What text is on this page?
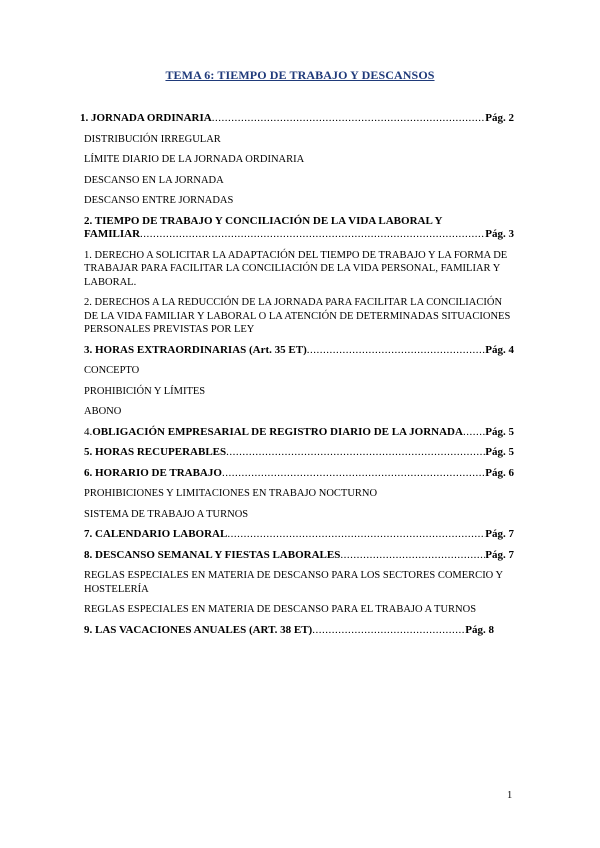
TEMA 6: TIEMPO DE TRABAJO Y DESCANSOS
1. JORNADA ORDINARIA .....	Pág. 2
DISTRIBUCIÓN IRREGULAR
LÍMITE DIARIO DE LA JORNADA ORDINARIA
DESCANSO EN LA JORNADA
DESCANSO ENTRE JORNADAS
2. TIEMPO DE TRABAJO Y CONCILIACIÓN DE LA VIDA LABORAL Y
FAMILIAR .....	Pág. 3
1. DERECHO A SOLICITAR LA ADAPTACIÓN DEL TIEMPO DE TRABAJO Y LA FORMA DE TRABAJAR PARA FACILITAR LA CONCILIACIÓN DE LA VIDA PERSONAL, FAMILIAR Y LABORAL.
2. DERECHOS A LA REDUCCIÓN DE LA JORNADA PARA FACILITAR LA CONCILIACIÓN DE LA VIDA FAMILIAR Y LABORAL O LA ATENCIÓN DE DETERMINADAS SITUACIONES PERSONALES PREVISTAS POR LEY
3. HORAS EXTRAORDINARIAS (Art. 35 ET) .....	Pág. 4
CONCEPTO
PROHIBICIÓN Y LÍMITES
ABONO
4. OBLIGACIÓN EMPRESARIAL DE REGISTRO DIARIO DE LA JORNADA ..... Pág. 5
5. HORAS RECUPERABLES .....	Pág. 5
6. HORARIO DE TRABAJO .....	Pág. 6
PROHIBICIONES Y LIMITACIONES EN TRABAJO NOCTURNO
SISTEMA DE TRABAJO A TURNOS
7. CALENDARIO LABORAL .....	Pág. 7
8. DESCANSO SEMANAL Y FIESTAS LABORALES .....	Pág. 7
REGLAS ESPECIALES EN MATERIA DE DESCANSO PARA LOS SECTORES COMERCIO Y HOSTELERÍA
REGLAS ESPECIALES EN MATERIA DE DESCANSO PARA EL TRABAJO A TURNOS
9. LAS VACACIONES ANUALES (ART. 38 ET) .....	Pág. 8
1
